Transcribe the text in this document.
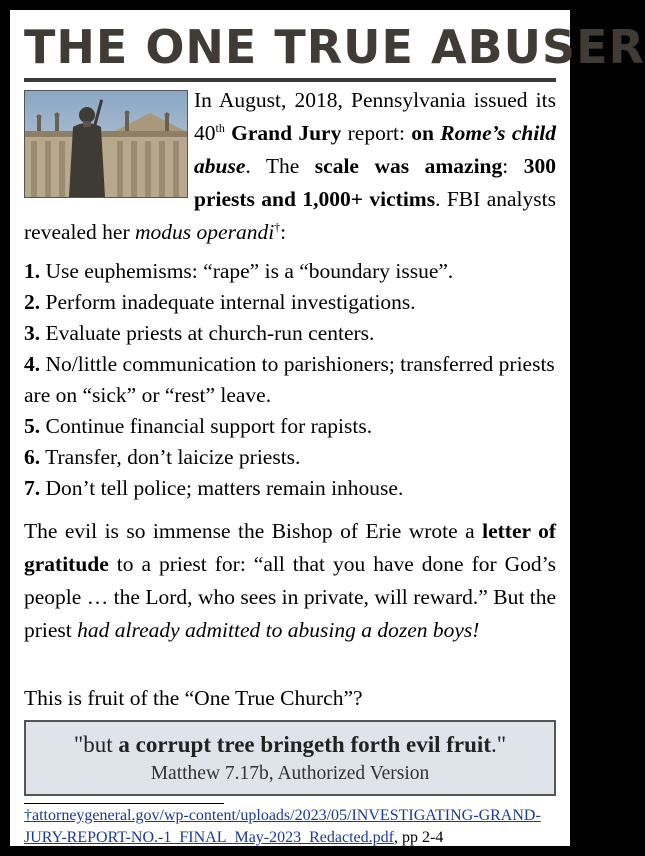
THE ONE TRUE ABUSER
In August, 2018, Pennsylvania issued its 40th Grand Jury report: on Rome’s child abuse. The scale was amazing: 300 priests and 1,000+ victims. FBI analysts revealed her modus operandi†:
1. Use euphemisms: “rape” is a “boundary issue”.
2. Perform inadequate internal investigations.
3. Evaluate priests at church-run centers.
4. No/little communication to parishioners; transferred priests are on “sick” or “rest” leave.
5. Continue financial support for rapists.
6. Transfer, don’t laicize priests.
7. Don’t tell police; matters remain inhouse.
The evil is so immense the Bishop of Erie wrote a letter of gratitude to a priest for: “all that you have done for God’s people … the Lord, who sees in private, will reward.” But the priest had already admitted to abusing a dozen boys!
This is fruit of the “One True Church”?
"but a corrupt tree bringeth forth evil fruit."
Matthew 7.17b, Authorized Version
†attorneygeneral.gov/wp-content/uploads/2023/05/INVESTIGATING-GRAND-JURY-REPORT-NO.-1_FINAL_May-2023_Redacted.pdf, pp 2-4
